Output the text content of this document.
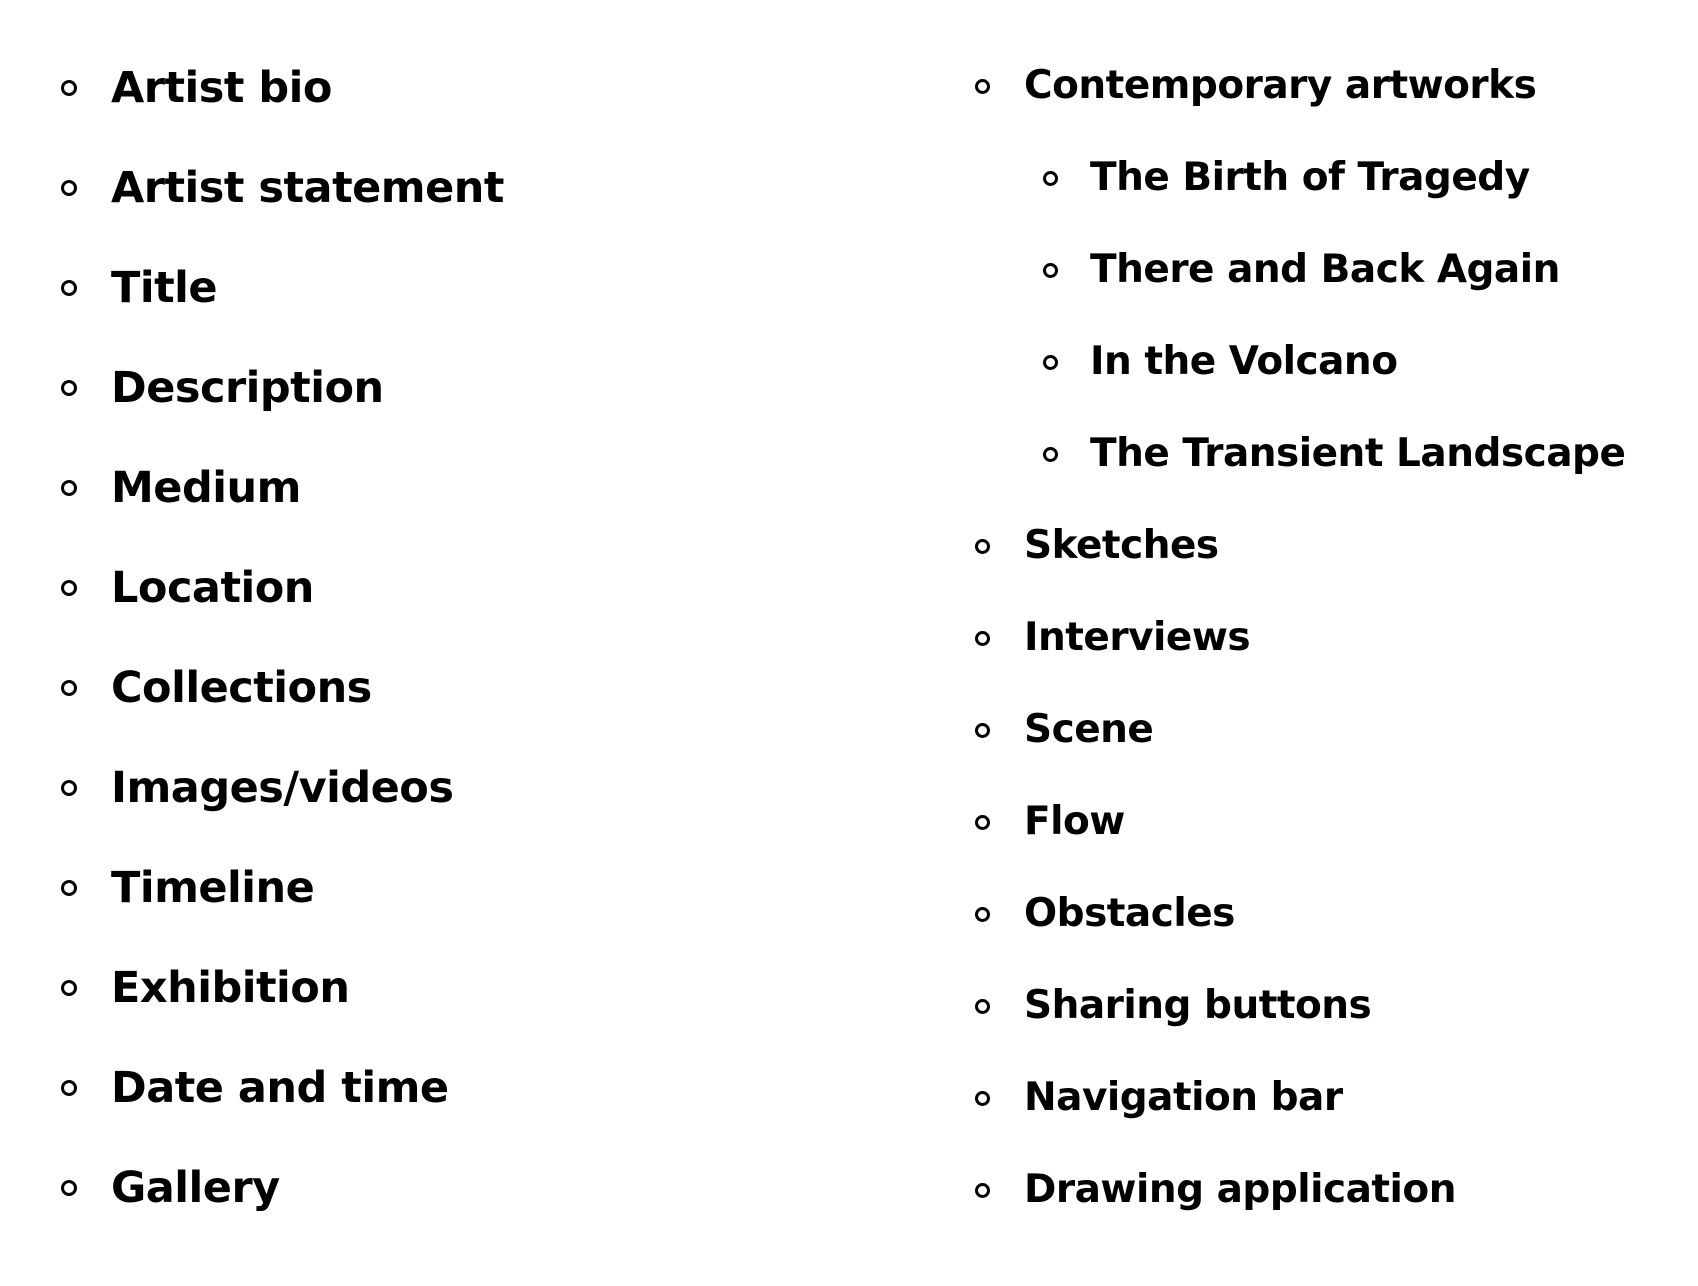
Artist bio
Artist statement
Title
Description
Medium
Location
Collections
Images/videos
Timeline
Exhibition
Date and time
Gallery
Contemporary artworks
The Birth of Tragedy
There and Back Again
In the Volcano
The Transient Landscape
Sketches
Interviews
Scene
Flow
Obstacles
Sharing buttons
Navigation bar
Drawing application
